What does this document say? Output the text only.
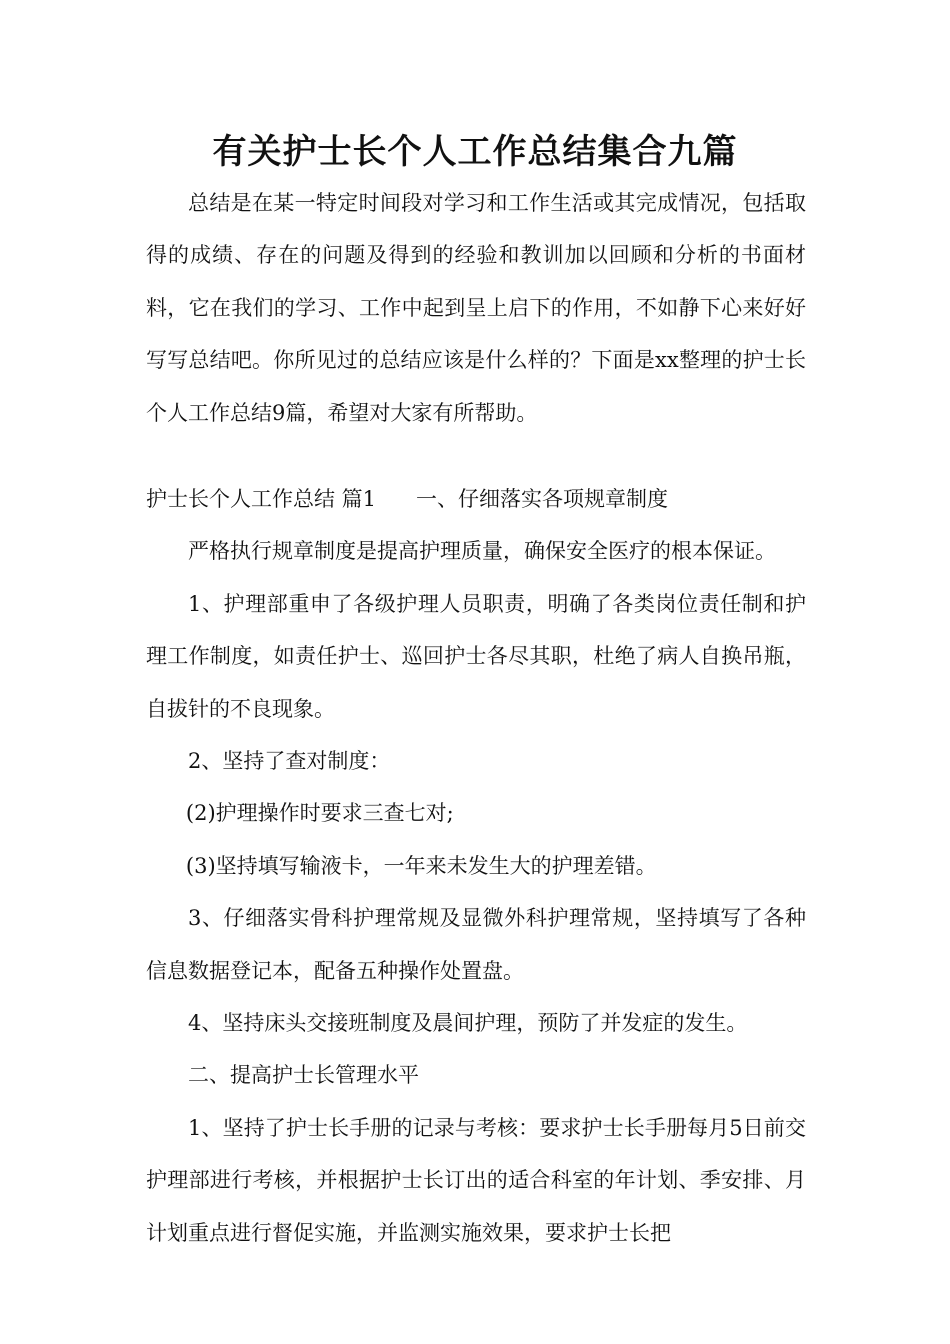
有关护士长个人工作总结集合九篇

总结是在某一特定时间段对学习和工作生活或其完成情况，包括取得的成绩、存在的问题及得到的经验和教训加以回顾和分析的书面材料，它在我们的学习、工作中起到呈上启下的作用，不如静下心来好好写写总结吧。你所见过的总结应该是什么样的？下面是xx整理的护士长个人工作总结9篇，希望对大家有所帮助。

护士长个人工作总结 篇1 一、仔细落实各项规章制度

严格执行规章制度是提高护理质量，确保安全医疗的根本保证。

1、护理部重申了各级护理人员职责，明确了各类岗位责任制和护理工作制度，如责任护士、巡回护士各尽其职，杜绝了病人自换吊瓶，自拔针的不良现象。

2、坚持了查对制度：

(2)护理操作时要求三查七对;

(3)坚持填写输液卡，一年来未发生大的护理差错。

3、仔细落实骨科护理常规及显微外科护理常规，坚持填写了各种信息数据登记本，配备五种操作处置盘。

4、坚持床头交接班制度及晨间护理，预防了并发症的发生。

二、提高护士长管理水平

1、坚持了护士长手册的记录与考核：要求护士长手册每月5日前交护理部进行考核，并根据护士长订出的适合科室的年计划、季安排、月计划重点进行督促实施，并监测实施效果，要求护士长把
